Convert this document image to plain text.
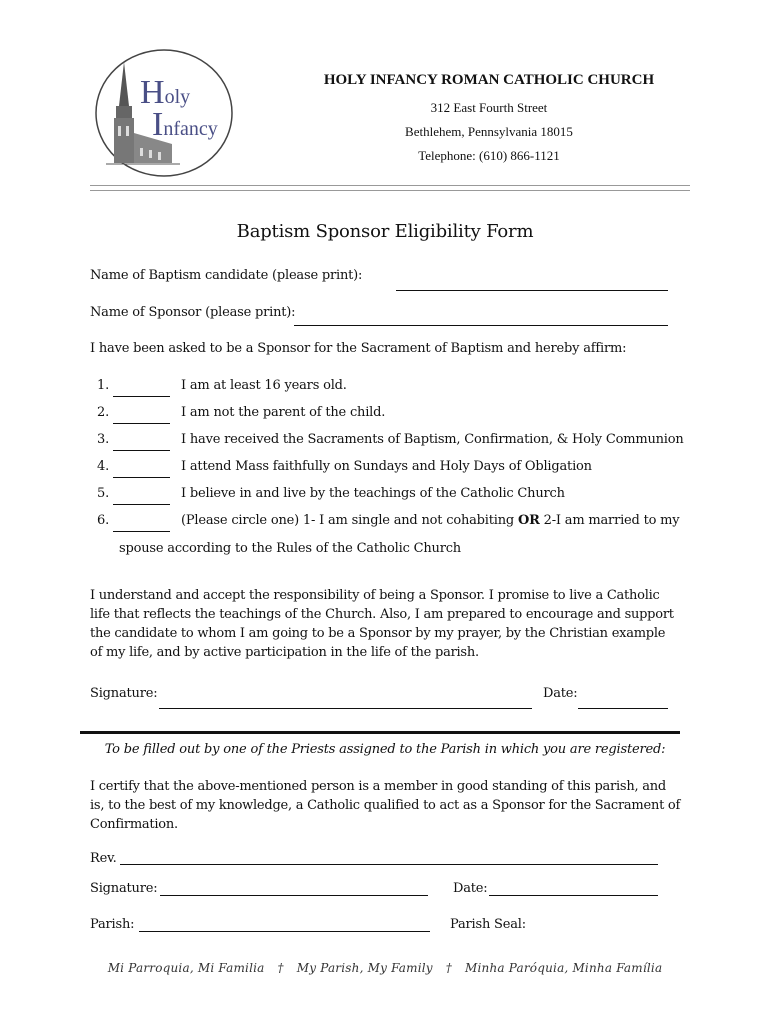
Holy
Infancy
HOLY INFANCY ROMAN CATHOLIC CHURCH
312 East Fourth Street
Bethlehem, Pennsylvania 18015
Telephone: (610) 866-1121
Baptism Sponsor Eligibility Form
Name of Baptism candidate (please print):
Name of Sponsor (please print):
I have been asked to be a Sponsor for the Sacrament of Baptism and hereby affirm:
1.	I am at least 16 years old.
2.	I am not the parent of the child.
3.	I have received the Sacraments of Baptism, Confirmation, & Holy Communion
4.	I attend Mass faithfully on Sundays and Holy Days of Obligation
5.	I believe in and live by the teachings of the Catholic Church
6.	(Please circle one) 1- I am single and not cohabiting OR 2-I am married to my
spouse according to the Rules of the Catholic Church
I understand and accept the responsibility of being a Sponsor. I promise to live a Catholic life that reflects the teachings of the Church. Also, I am prepared to encourage and support the candidate to whom I am going to be a Sponsor by my prayer, by the Christian example of my life, and by active participation in the life of the parish.
Signature:	Date:
To be filled out by one of the Priests assigned to the Parish in which you are registered:
I certify that the above-mentioned person is a member in good standing of this parish, and is, to the best of my knowledge, a Catholic qualified to act as a Sponsor for the Sacrament of Confirmation.
Rev.
Signature:	Date:
Parish:	Parish Seal:
Mi Parroquia, Mi Familia † My Parish, My Family † Minha Paróquia, Minha Família
